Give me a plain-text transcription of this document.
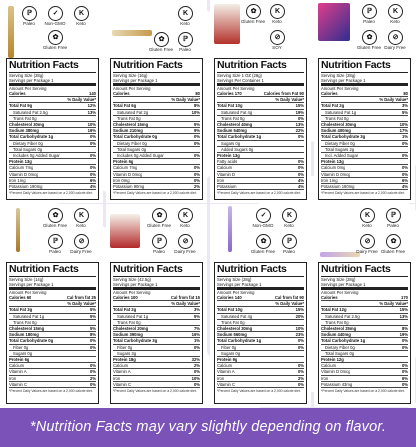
ℙ
Paleo
✓
Non-GMO
K
Keto
✿
Gluten Free
Nutrition Facts
Serving Size (28g)
Servings per Package 1
Amount Per Serving
Calories	140
% Daily Value*
Total Fat 9g	12%
Saturated Fat 2.5g	13%
Trans Fat 0g
Cholesterol 30mg	10%
Sodium 380mg	16%
Total Carbohydrate 1g	0%
Dietary Fiber 0g	0%
Total Sugars 0g
Includes 0g Added Sugar	0%
Protein 13g
Calcium 7mg	0%
Vitamin D 0mcg	0%
Iron 1mg	6%
Potassium 190mg	4%
*Percent Daily Values are based on a 2,000 calorie diet.
K
Keto
ℙ
Paleo
✿
Gluten Free
Nutrition Facts
Serving Size (16g)
Servings per Package 1
Amount Per Serving
Calories	80
% Daily Value*
Total Fat 6g	8%
Saturated Fat 2g	10%
Trans Fat 0g
Cholesterol 15mg	5%
Sodium 210mg	9%
Total Carbohydrate 0g	0%
Dietary Fiber 0g	0%
Total Sugars 0g
Includes 0g Added Sugar	0%
Protein 6g
Calcium 7mg	0%
Vitamin D 0mcg	0%
Iron 0mg	0%
Potassium 90mg	2%
*Percent Daily Values are based on a 2,000 calorie diet.
✿
Gluten Free
K
Keto
⊘
SOY
Nutrition Facts
Serving Size 1 OZ (28g)
Servings Per Container 1
Amount Per Serving
Calories 170	Calories from Fat 90
% Daily Value*
Total Fat 10g	15%
Saturated Fat 4g	19%
Trans Fat 0g	0%
Cholesterol 40mg	13%
Sodium 540mg	22%
Total Carbohydrate 1g	0%
Sugars 0g
Added Sugars 0g
Protein 13g
Fatty acids	0%
Calcium	0%
Vitamin D	0%
Iron	4%
Potassium	4%
*Percent Daily Values are based on a 2,000 calorie diet.
ℙ
Paleo
K
Keto
✿
Gluten Free
⊘
Dairy Free
Nutrition Facts
Serving Size (28g)
Servings per Package 1
Amount Per Serving
Calories	80
% Daily Value*
Total Fat 2g	3%
Saturated Fat 1g	5%
Trans Fat 0g
Cholesterol 30mg	10%
Sodium 400mg	17%
Total Carbohydrate 3g	1%
Dietary Fiber 0g	0%
Total Sugars 2g
Incl. Added Sugar	0%
Protein 13g
Calcium 0mg	0%
Vitamin D 0mcg	0%
Iron 1mg	6%
Potassium 180mg	4%
*Percent Daily Values are based on a 2,000 calorie diet.
✿
Gluten Free
K
Keto
ℙ
Paleo
⊘
Dairy Free
Nutrition Facts
Serving Size (14g)
Servings per Package 1
Amount Per Serving
Calories 60	Cal from fat 25
% Daily Value*
Total Fat 3g	5%
Saturated Fat 1g	5%
Trans Fat 0g
Cholesterol 15mg	5%
Sodium 180mg	8%
Total Carbohydrate 0g	0%
Fiber 0g	0%
Sugars 0g
Protein 6g
Calcium	0%
Vitamin A	0%
Iron	2%
Vitamin C	0%
*Percent Daily Values are based on a 2,000 calorie diet.
✿
Gluten Free
K
Keto
ℙ
Paleo
⊘
Dairy Free
Nutrition Facts
Serving Size (42.5g)
Servings per Package 1
Amount Per Serving
Calories 100	Cal from fat 15
% Daily Value*
Total Fat 2g	3%
Saturated Fat 1g	5%
Trans Fat 0g
Cholesterol 20mg	7%
Sodium 390mg	16%
Total Carbohydrate 3g	1%
Fiber 0g	0%
Sugars 3g
Protein 18g	32%
Calcium	2%
Vitamin A	0%
Iron	10%
Vitamin C	0%
*Percent Daily Values are based on a 2,000 calorie diet.
✓
Non-GMO
K
Keto
✿
Gluten Free
ℙ
Paleo
Nutrition Facts
Serving Size (28g)
Servings per Package 1
Amount Per Serving
Calories 140	Cal from fat 90
% Daily Value*
Total Fat 10g	15%
Saturated Fat 4g	20%
Trans Fat 0g
Cholesterol 30mg	10%
Sodium 560mg	23%
Total Carbohydrate 1g	0%
Fiber 0g	0%
Sugars 0g
Protein 9g
Calcium	0%
Vitamin A	0%
Iron	2%
Vitamin C	0%
*Percent Daily Values are based on a 2,000 calorie diet.
K
Keto
ℙ
Paleo
⊘
Dairy Free
✿
Gluten Free
Nutrition Facts
Serving Size (28g)
Servings per Package 1
Amount Per Serving
Calories	170
% Daily Value*
Total Fat 12g	15%
Saturated Fat 2.5g	13%
Trans Fat 0g
Cholesterol 25mg	8%
Sodium 440mg	19%
Total Carbohydrate 1g	0%
Dietary Fiber 0g	0%
Total Sugars 0g
Protein 12g
Calcium	0%
Vitamin D 0mcg	0%
Iron	6%
Potassium 43mg	0%
*Percent Daily Values are based on a 2,000 calorie diet.
*Nutrition Facts may vary slightly depending on flavor.
